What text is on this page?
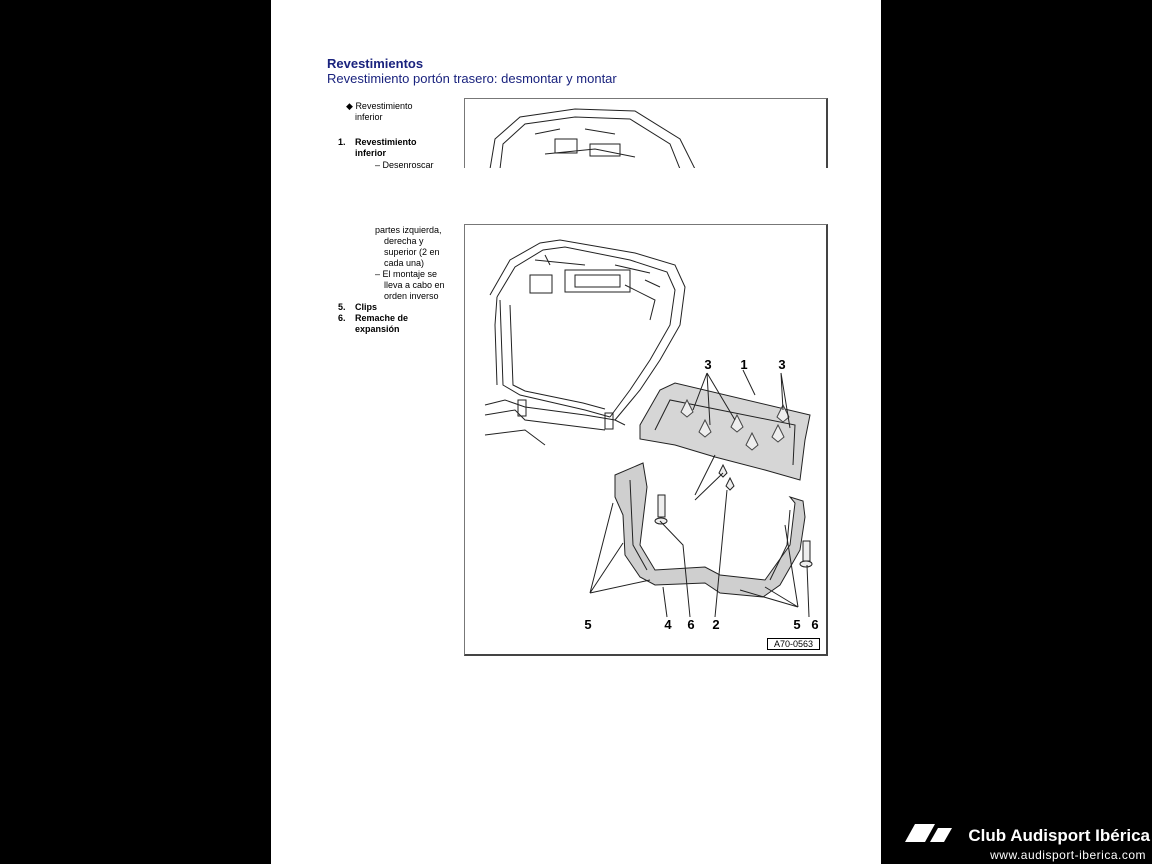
Revestimientos
Revestimiento portón trasero: desmontar y montar
◆ Revestimiento
inferior
1. Revestimiento
inferior
– Desenroscar
partes izquierda,
derecha y
superior (2 en
cada una)
– El montaje se
lleva a cabo en
orden inverso
5. Clips
6. Remache de
expansión
3 1 3
5	4 6 2	5 6
A70-0563
Club Audisport Ibérica
www.audisport-iberica.com
